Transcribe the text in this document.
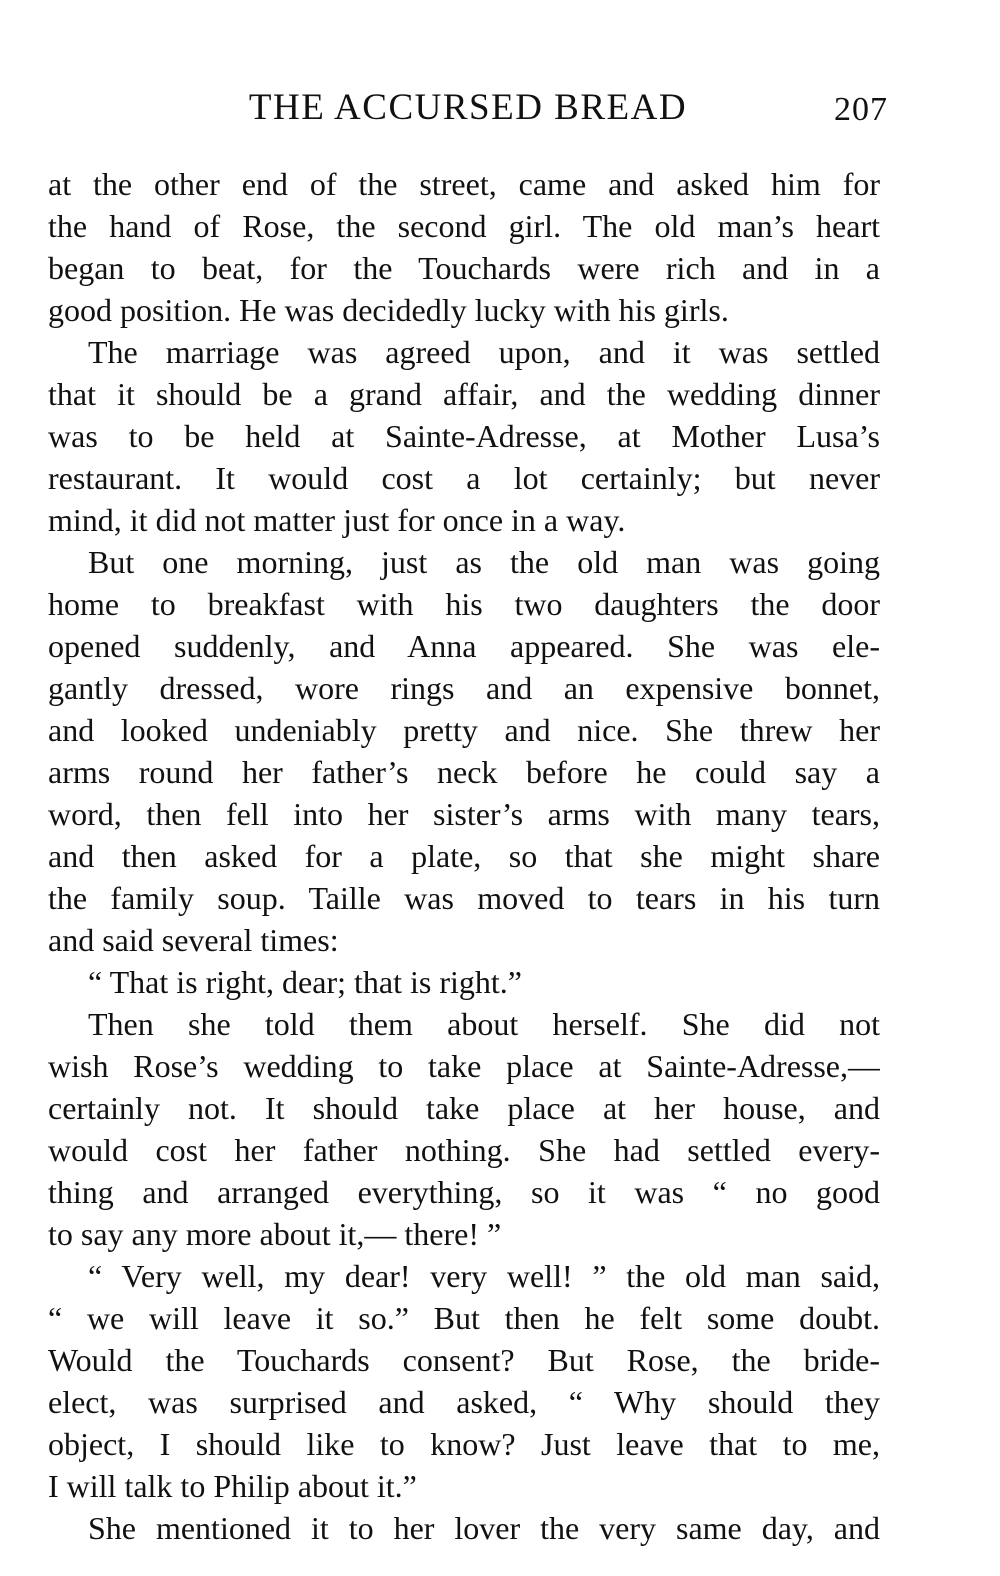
THE ACCURSED BREAD	207
at the other end of the street, came and asked him for
the hand of Rose, the second girl. The old man’s heart
began to beat, for the Touchards were rich and in a
good position. He was decidedly lucky with his girls.
The marriage was agreed upon, and it was settled
that it should be a grand affair, and the wedding dinner
was to be held at Sainte-Adresse, at Mother Lusa’s
restaurant. It would cost a lot certainly; but never
mind, it did not matter just for once in a way.
But one morning, just as the old man was going
home to breakfast with his two daughters the door
opened suddenly, and Anna appeared. She was ele-
gantly dressed, wore rings and an expensive bonnet,
and looked undeniably pretty and nice. She threw her
arms round her father’s neck before he could say a
word, then fell into her sister’s arms with many tears,
and then asked for a plate, so that she might share
the family soup. Taille was moved to tears in his turn
and said several times:
“ That is right, dear; that is right.”
Then she told them about herself. She did not
wish Rose’s wedding to take place at Sainte-Adresse,—
certainly not. It should take place at her house, and
would cost her father nothing. She had settled every-
thing and arranged everything, so it was “ no good
to say any more about it,— there! ”
“ Very well, my dear! very well! ” the old man said,
“ we will leave it so.” But then he felt some doubt.
Would the Touchards consent? But Rose, the bride-
elect, was surprised and asked, “ Why should they
object, I should like to know? Just leave that to me,
I will talk to Philip about it.”
She mentioned it to her lover the very same day, and
